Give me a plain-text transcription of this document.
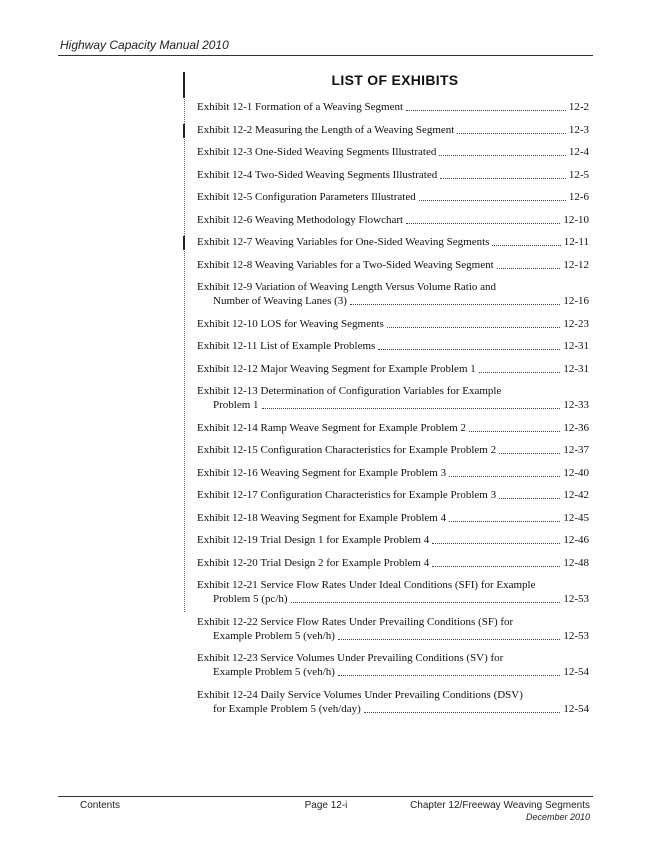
Highway Capacity Manual 2010
LIST OF EXHIBITS
Exhibit 12-1 Formation of a Weaving Segment	12-2
Exhibit 12-2 Measuring the Length of a Weaving Segment	12-3
Exhibit 12-3 One-Sided Weaving Segments Illustrated	12-4
Exhibit 12-4 Two-Sided Weaving Segments Illustrated	12-5
Exhibit 12-5 Configuration Parameters Illustrated	12-6
Exhibit 12-6 Weaving Methodology Flowchart	12-10
Exhibit 12-7 Weaving Variables for One-Sided Weaving Segments	12-11
Exhibit 12-8 Weaving Variables for a Two-Sided Weaving Segment	12-12
Exhibit 12-9 Variation of Weaving Length Versus Volume Ratio and
Number of Weaving Lanes (3)	12-16
Exhibit 12-10 LOS for Weaving Segments	12-23
Exhibit 12-11 List of Example Problems	12-31
Exhibit 12-12 Major Weaving Segment for Example Problem 1	12-31
Exhibit 12-13 Determination of Configuration Variables for Example
Problem 1	12-33
Exhibit 12-14 Ramp Weave Segment for Example Problem 2	12-36
Exhibit 12-15 Configuration Characteristics for Example Problem 2	12-37
Exhibit 12-16 Weaving Segment for Example Problem 3	12-40
Exhibit 12-17 Configuration Characteristics for Example Problem 3	12-42
Exhibit 12-18 Weaving Segment for Example Problem 4	12-45
Exhibit 12-19 Trial Design 1 for Example Problem 4	12-46
Exhibit 12-20 Trial Design 2 for Example Problem 4	12-48
Exhibit 12-21 Service Flow Rates Under Ideal Conditions (SFI) for Example
Problem 5 (pc/h)	12-53
Exhibit 12-22 Service Flow Rates Under Prevailing Conditions (SF) for
Example Problem 5 (veh/h)	12-53
Exhibit 12-23 Service Volumes Under Prevailing Conditions (SV) for
Example Problem 5 (veh/h)	12-54
Exhibit 12-24 Daily Service Volumes Under Prevailing Conditions (DSV)
for Example Problem 5 (veh/day)	12-54
Contents	Page 12-i	Chapter 12/Freeway Weaving Segments
December 2010
